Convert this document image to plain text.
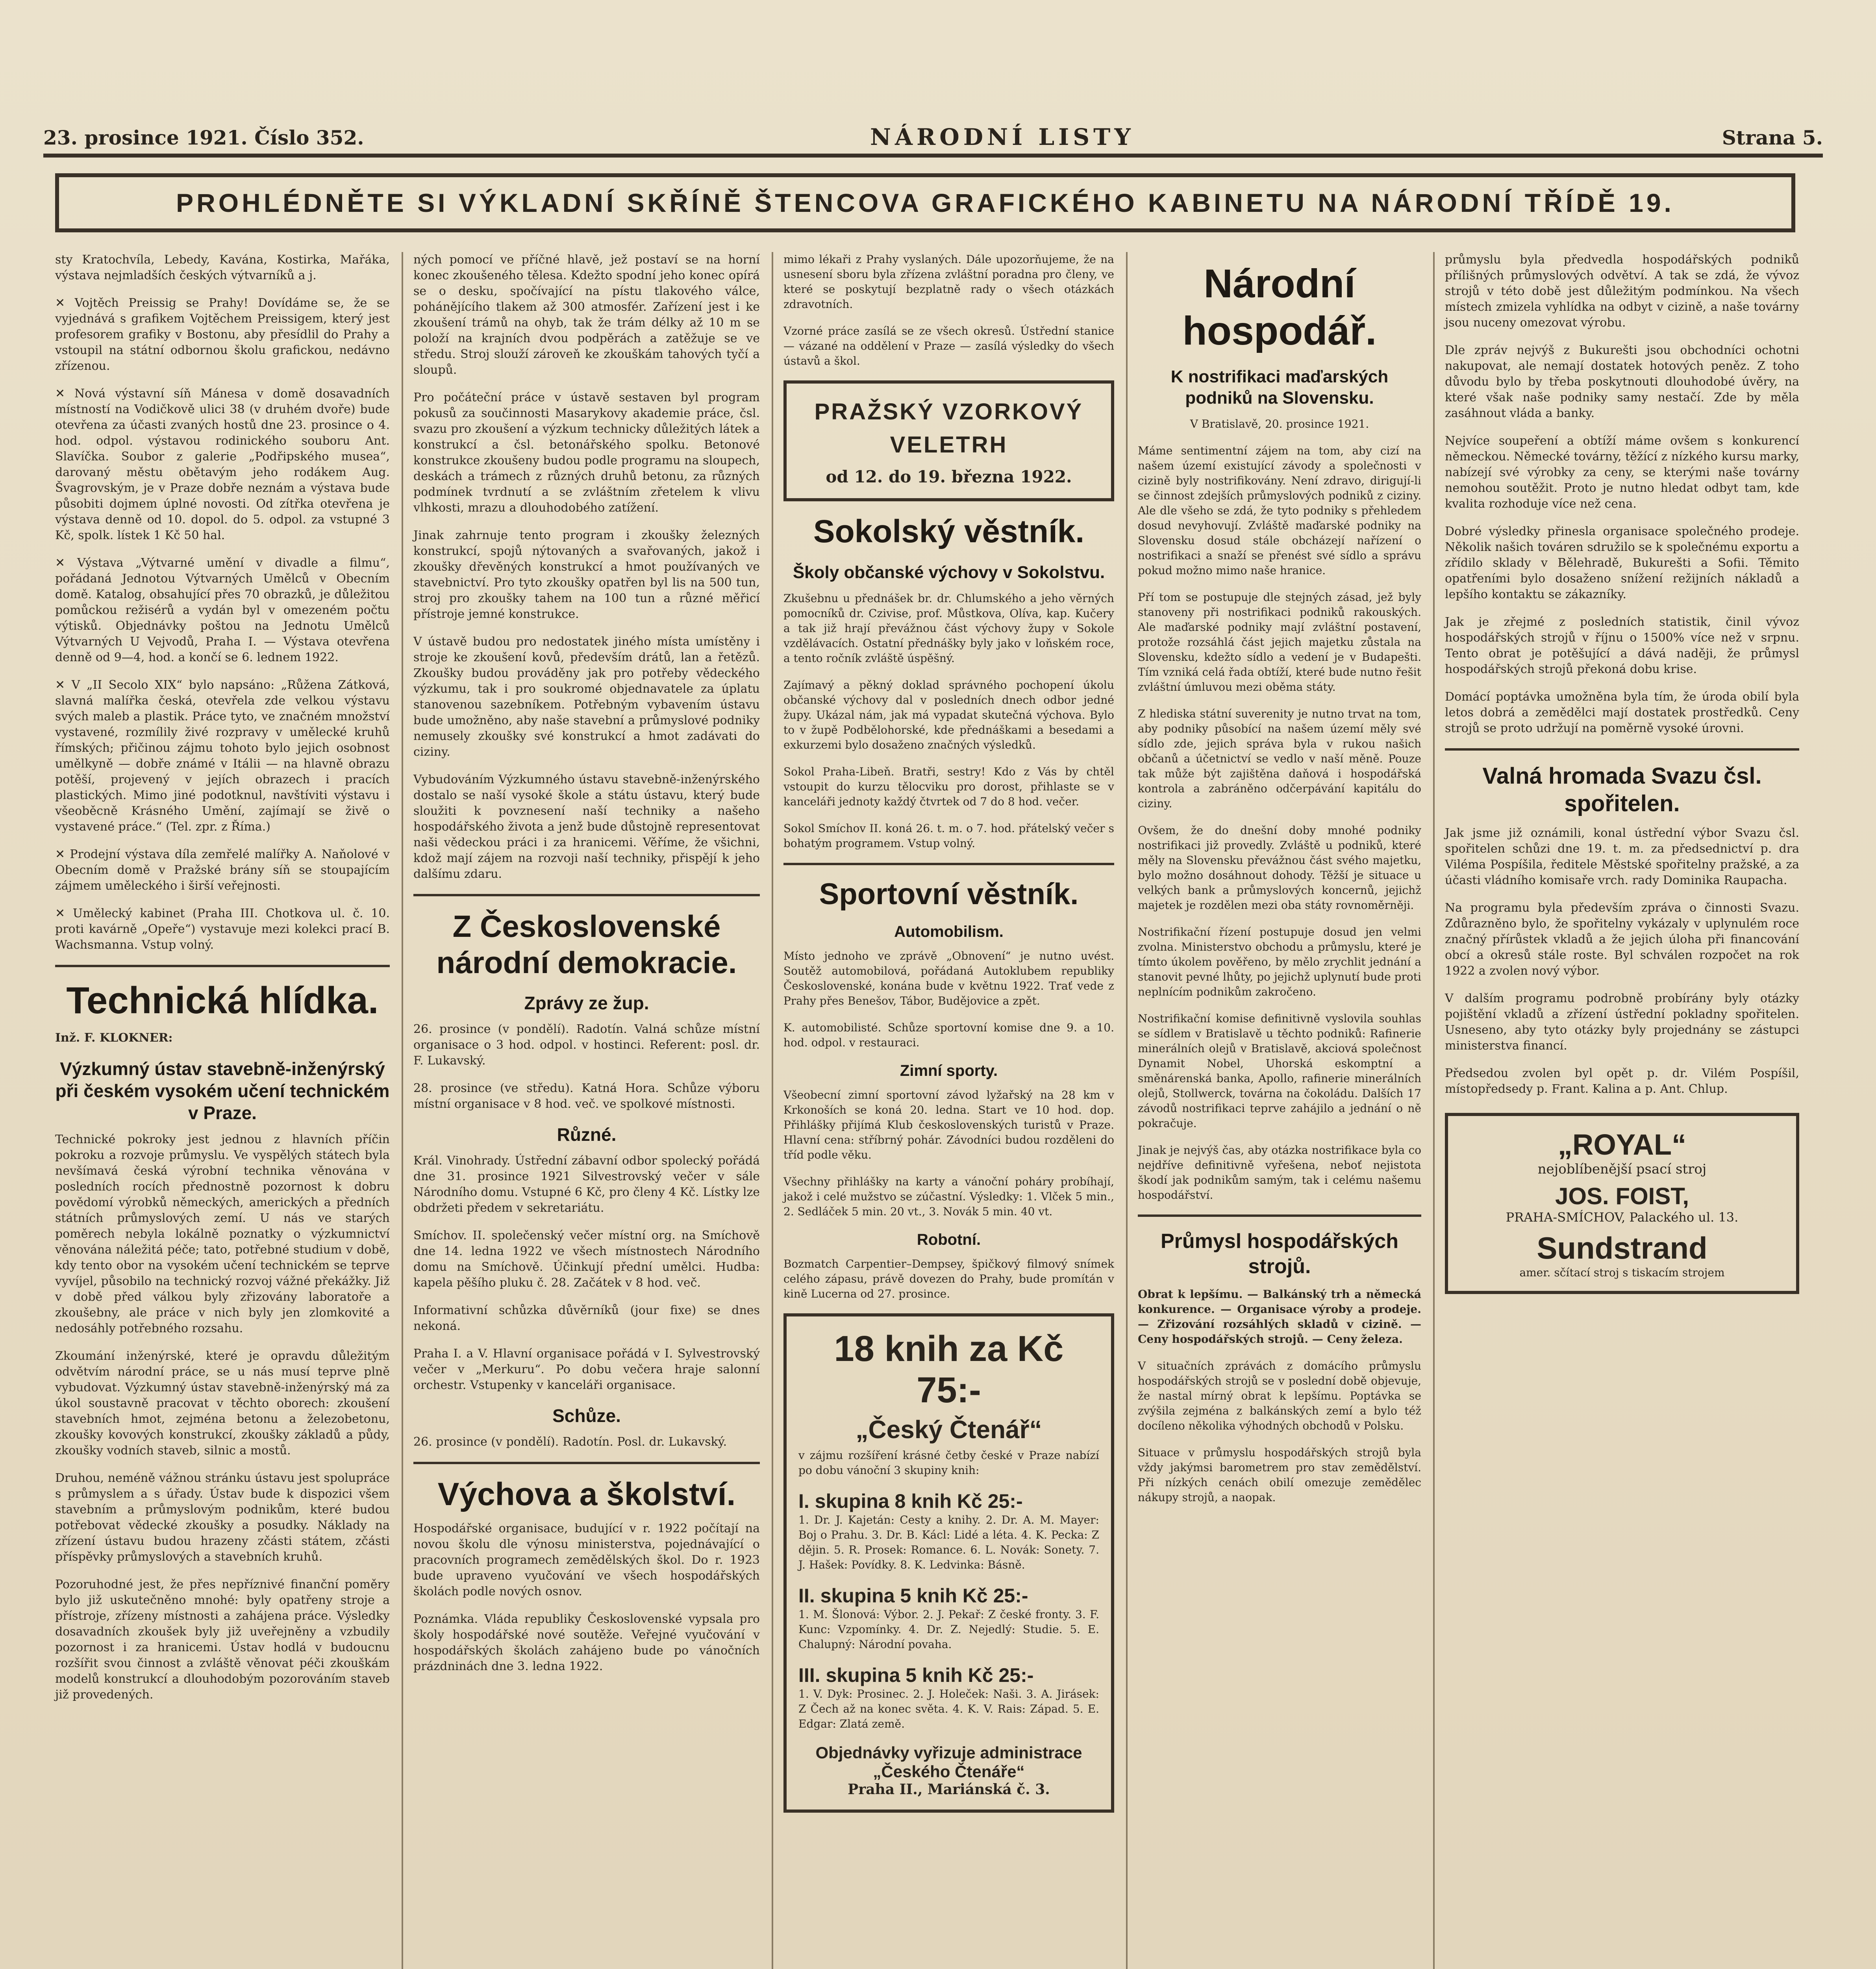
23. prosince 1921. Číslo 352.	NÁRODNÍ LISTY	Strana 5.
PROHLÉDNĚTE SI VÝKLADNÍ SKŘÍNĚ ŠTENCOVA GRAFICKÉHO KABINETU NA NÁRODNÍ TŘÍDĚ 19.

sty Kratochvíla, Lebedy, Kavána, Kostirka, Mařáka, výstava nejmladších českých výtvarníků a j.

✕ Vojtěch Preissig se Prahy! Dovídáme se, že se vyjednává s grafikem Vojtěchem Preissigem, který jest profesorem grafiky v Bostonu, aby přesídlil do Prahy a vstoupil na státní odbornou školu grafickou, nedávno zřízenou.

✕ Nová výstavní síň Mánesa v domě dosavadních místností na Vodičkově ulici 38 (v druhém dvoře) bude otevřena za účasti zvaných hostů dne 23. prosince o 4. hod. odpol. výstavou rodinického souboru Ant. Slavíčka. Soubor z galerie „Podřipského musea“, darovaný městu obětavým jeho rodákem Aug. Švagrovským, je v Praze dobře neznám a výstava bude působiti dojmem úplné novosti. Od zítřka otevřena je výstava denně od 10. dopol. do 5. odpol. za vstupné 3 Kč, spolk. lístek 1 Kč 50 hal.

✕ Výstava „Výtvarné umění v divadle a filmu“, pořádaná Jednotou Výtvarných Umělců v Obecním domě. Katalog, obsahující přes 70 obrazků, je důležitou pomůckou režisérů a vydán byl v omezeném počtu výtisků. Objednávky poštou na Jednotu Umělců Výtvarných U Vejvodů, Praha I. — Výstava otevřena denně od 9—4, hod. a končí se 6. lednem 1922.

✕ V „II Secolo XIX“ bylo napsáno: „Růžena Zátková, slavná malířka česká, otevřela zde velkou výstavu svých maleb a plastik. Práce tyto, ve značném množství vystavené, rozmílily živé rozpravy v umělecké kruhů římských; přičinou zájmu tohoto bylo jejich osobnost umělkyně — dobře známé v Itálii — na hlavně obrazu potěší, projevený v jejích obrazech i pracích plastických. Mimo jiné podotknul, navštíviti výstavu i všeoběcně Krásného Umění, zajímají se živě o vystavené práce.“ (Tel. zpr. z Říma.)

✕ Prodejní výstava díla zemřelé malířky A. Naňolové v Obecním domě v Pražské brány síň se stoupajícím zájmem uměleckého i širší veřejnosti.

✕ Umělecký kabinet (Praha III. Chotkova ul. č. 10. proti kavárně „Opeře“) vystavuje mezi kolekci prací B. Wachsmanna. Vstup volný.

Technická hlídka.

Inž. F. KLOKNER:

Výzkumný ústav stavebně-inženýrský při českém vysokém učení technickém v Praze.

Technické pokroky jest jednou z hlavních příčin pokroku a rozvoje průmyslu. Ve vyspělých státech byla nevšímavá česká výrobní technika věnována v posledních rocích přednostně pozornost k dobru povědomí výrobků německých, amerických a předních státních průmyslových zemí. U nás ve starých poměrech nebyla lokálně poznatky o výzkumnictví věnována náležitá péče; tato, potřebné studium v době, kdy tento obor na vysokém učení technickém se teprve vyvíjel, působilo na technický rozvoj vážné překážky. Již v době před válkou byly zřizovány laboratoře a zkoušebny, ale práce v nich byly jen zlomkovité a nedosáhly potřebného rozsahu.

Zkoumání inženýrské, které je opravdu důležitým odvětvím národní práce, se u nás musí teprve plně vybudovat. Výzkumný ústav stavebně-inženýrský má za úkol soustavně pracovat v těchto oborech: zkoušení stavebních hmot, zejména betonu a železobetonu, zkoušky kovových konstrukcí, zkoušky základů a půdy, zkoušky vodních staveb, silnic a mostů.

Druhou, neméně vážnou stránku ústavu jest spolupráce s průmyslem a s úřady. Ústav bude k dispozici všem stavebním a průmyslovým podnikům, které budou potřebovat vědecké zkoušky a posudky. Náklady na zřízení ústavu budou hrazeny zčásti státem, zčásti příspěvky průmyslových a stavebních kruhů.

Pozoruhodné jest, že přes nepříznivé finanční poměry bylo již uskutečněno mnohé: byly opatřeny stroje a přístroje, zřízeny místnosti a zahájena práce. Výsledky dosavadních zkoušek byly již uveřejněny a vzbudily pozornost i za hranicemi. Ústav hodlá v budoucnu rozšířit svou činnost a zvláště věnovat péči zkouškám modelů konstrukcí a dlouhodobým pozorováním staveb již provedených.

ných pomocí ve příčné hlavě, jež postaví se na horní konec zkoušeného tělesa. Kdežto spodní jeho konec opírá se o desku, spočívající na pístu tlakového válce, pohánějícího tlakem až 300 atmosfér. Zařízení jest i ke zkoušení trámů na ohyb, tak že trám délky až 10 m se položí na krajních dvou podpěrách a zatěžuje se ve středu. Stroj slouží zároveň ke zkouškám tahových tyčí a sloupů.

Pro počáteční práce v ústavě sestaven byl program pokusů za součinnosti Masarykovy akademie práce, čsl. svazu pro zkoušení a výzkum technicky důležitých látek a konstrukcí a čsl. betonářského spolku. Betonové konstrukce zkoušeny budou podle programu na sloupech, deskách a trámech z různých druhů betonu, za různých podmínek tvrdnutí a se zvláštním zřetelem k vlivu vlhkosti, mrazu a dlouhodobého zatížení.

Jinak zahrnuje tento program i zkoušky železných konstrukcí, spojů nýtovaných a svařovaných, jakož i zkoušky dřevěných konstrukcí a hmot používaných ve stavebnictví. Pro tyto zkoušky opatřen byl lis na 500 tun, stroj pro zkoušky tahem na 100 tun a různé měřicí přístroje jemné konstrukce.

V ústavě budou pro nedostatek jiného místa umístěny i stroje ke zkoušení kovů, především drátů, lan a řetězů. Zkoušky budou prováděny jak pro potřeby vědeckého výzkumu, tak i pro soukromé objednavatele za úplatu stanovenou sazebníkem. Potřebným vybavením ústavu bude umožněno, aby naše stavební a průmyslové podniky nemusely zkoušky své konstrukcí a hmot zadávati do ciziny.

Vybudováním Výzkumného ústavu stavebně-inženýrského dostalo se naší vysoké škole a státu ústavu, který bude sloužiti k povznesení naší techniky a našeho hospodářského života a jenž bude důstojně representovat naši vědeckou práci i za hranicemi. Věříme, že všichni, kdož mají zájem na rozvoji naší techniky, přispějí k jeho dalšímu zdaru.

Z Československé národní demokracie.
Zprávy ze žup.

26. prosince (v pondělí). Radotín. Valná schůze místní organisace o 3 hod. odpol. v hostinci. Referent: posl. dr. F. Lukavský.

28. prosince (ve středu). Katná Hora. Schůze výboru místní organisace v 8 hod. več. ve spolkové místnosti.

Různé.

Král. Vinohrady. Ústřední zábavní odbor spolecký pořádá dne 31. prosince 1921 Silvestrovský večer v sále Národního domu. Vstupné 6 Kč, pro členy 4 Kč. Lístky lze obdržeti předem v sekretariátu.

Smíchov. II. společenský večer místní org. na Smíchově dne 14. ledna 1922 ve všech místnostech Národního domu na Smíchově. Účinkují přední umělci. Hudba: kapela pěšího pluku č. 28. Začátek v 8 hod. več.

Informativní schůzka důvěrníků (jour fixe) se dnes nekoná.

Praha I. a V. Hlavní organisace pořádá v I. Sylvestrovský večer v „Merkuru“. Po dobu večera hraje salonní orchestr. Vstupenky v kanceláři organisace.

Schůze.

26. prosince (v pondělí). Radotín. Posl. dr. Lukavský.

Výchova a školství.

Hospodářské organisace, budující v r. 1922 počítají na novou školu dle výnosu ministerstva, pojednávající o pracovních programech zemědělských škol. Do r. 1923 bude upraveno vyučování ve všech hospodářských školách podle nových osnov.

Poznámka. Vláda republiky Československé vypsala pro školy hospodářské nové soutěže. Veřejné vyučování v hospodářských školách zahájeno bude po vánočních prázdninách dne 3. ledna 1922.

mimo lékaři z Prahy vyslaných. Dále upozorňujeme, že na usnesení sboru byla zřízena zvláštní poradna pro členy, ve které se poskytují bezplatně rady o všech otázkách zdravotních.

Vzorné práce zasílá se ze všech okresů. Ústřední stanice — vázané na oddělení v Praze — zasílá výsledky do všech ústavů a škol.

PRAŽSKÝ VZORKOVÝ VELETRH
od 12. do 19. března 1922.
Sokolský věstník.
Školy občanské výchovy v Sokolstvu.

Zkušebnu u přednášek br. dr. Chlumského a jeho věrných pomocníků dr. Czivise, prof. Můstkova, Olíva, kap. Kučery a tak již hrají převážnou část výchovy župy v Sokole vzdělávacích. Ostatní přednášky byly jako v loňském roce, a tento ročník zvláště úspěšný.

Zajímavý a pěkný doklad správného pochopení úkolu občanské výchovy dal v posledních dnech odbor jedné župy. Ukázal nám, jak má vypadat skutečná výchova. Bylo to v župě Podbělohorské, kde přednáškami a besedami a exkurzemi bylo dosaženo značných výsledků.

Sokol Praha-Libeň. Bratři, sestry! Kdo z Vás by chtěl vstoupit do kurzu tělocviku pro dorost, přihlaste se v kanceláři jednoty každý čtvrtek od 7 do 8 hod. večer.

Sokol Smíchov II. koná 26. t. m. o 7. hod. přátelský večer s bohatým programem. Vstup volný.

Sportovní věstník.
Automobilism.

Místo jednoho ve zprávě „Obnovení“ je nutno uvést. Soutěž automobilová, pořádaná Autoklubem republiky Československé, konána bude v květnu 1922. Trať vede z Prahy přes Benešov, Tábor, Budějovice a zpět.

K. automobilisté. Schůze sportovní komise dne 9. a 10. hod. odpol. v restauraci.

Zimní sporty.

Všeobecní zimní sportovní závod lyžařský na 28 km v Krkonoších se koná 20. ledna. Start ve 10 hod. dop. Přihlášky přijímá Klub československých turistů v Praze. Hlavní cena: stříbrný pohár. Závodníci budou rozděleni do tříd podle věku.

Všechny přihlášky na karty a vánoční poháry probíhají, jakož i celé mužstvo se zúčastní. Výsledky: 1. Vlček 5 min., 2. Sedláček 5 min. 20 vt., 3. Novák 5 min. 40 vt.

Robotní.

Bozmatch Carpentier–Dempsey, špičkový filmový snímek celého zápasu, právě dovezen do Prahy, bude promítán v kině Lucerna od 27. prosince.

18 knih za Kč 75:-
„Český Čtenář“

v zájmu rozšíření krásné četby české v Praze nabízí po dobu vánoční 3 skupiny knih:

I. skupina 8 knih Kč 25:-

1. Dr. J. Kajetán: Cesty a knihy. 2. Dr. A. M. Mayer: Boj o Prahu. 3. Dr. B. Kácl: Lidé a léta. 4. K. Pecka: Z dějin. 5. R. Prosek: Romance. 6. L. Novák: Sonety. 7. J. Hašek: Povídky. 8. K. Ledvinka: Básně.

II. skupina 5 knih Kč 25:-

1. M. Šlonová: Výbor. 2. J. Pekař: Z české fronty. 3. F. Kunc: Vzpomínky. 4. Dr. Z. Nejedlý: Studie. 5. E. Chalupný: Národní povaha.

III. skupina 5 knih Kč 25:-

1. V. Dyk: Prosinec. 2. J. Holeček: Naši. 3. A. Jirásek: Z Čech až na konec světa. 4. K. V. Rais: Západ. 5. E. Edgar: Zlatá země.

Objednávky vyřizuje administrace „Českého Čtenáře“
Praha II., Mariánská č. 3.
Národní hospodář.
K nostrifikaci maďarských podniků na Slovensku.

V Bratislavě, 20. prosince 1921.

Máme sentimentní zájem na tom, aby cizí na našem území existující závody a společnosti v cizině byly nostrifikovány. Není zdravo, dirigují-li se činnost zdejších průmyslových podniků z ciziny. Ale dle všeho se zdá, že tyto podniky s přehledem dosud nevyhovují. Zvláště maďarské podniky na Slovensku dosud stále obcházejí nařízení o nostrifikaci a snaží se přenést své sídlo a správu pokud možno mimo naše hranice.

Pří tom se postupuje dle stejných zásad, jež byly stanoveny při nostrifikaci podniků rakouských. Ale maďarské podniky mají zvláštní postavení, protože rozsáhlá část jejich majetku zůstala na Slovensku, kdežto sídlo a vedení je v Budapešti. Tím vzniká celá řada obtíží, které bude nutno řešit zvláštní úmluvou mezi oběma státy.

Z hlediska státní suverenity je nutno trvat na tom, aby podniky působící na našem území měly své sídlo zde, jejich správa byla v rukou našich občanů a účetnictví se vedlo v naší měně. Pouze tak může být zajištěna daňová i hospodářská kontrola a zabráněno odčerpávání kapitálu do ciziny.

Ovšem, že do dnešní doby mnohé podniky nostrifikaci již provedly. Zvláště u podniků, které měly na Slovensku převážnou část svého majetku, bylo možno dosáhnout dohody. Těžší je situace u velkých bank a průmyslových koncernů, jejichž majetek je rozdělen mezi oba státy rovnoměrněji.

Nostrifikační řízení postupuje dosud jen velmi zvolna. Ministerstvo obchodu a průmyslu, které je tímto úkolem pověřeno, by mělo zrychlit jednání a stanovit pevné lhůty, po jejichž uplynutí bude proti neplnícím podnikům zakročeno.

Nostrifikační komise definitivně vyslovila souhlas se sídlem v Bratislavě u těchto podniků: Rafinerie minerálních olejů v Bratislavě, akciová společnost Dynamit Nobel, Uhorská eskomptní a směnárenská banka, Apollo, rafinerie minerálních olejů, Stollwerck, továrna na čokoládu. Dalších 17 závodů nostrifikaci teprve zahájilo a jednání o ně pokračuje.

Jinak je nejvýš čas, aby otázka nostrifikace byla co nejdříve definitivně vyřešena, neboť nejistota škodí jak podnikům samým, tak i celému našemu hospodářství.

Průmysl hospodářských strojů.

Obrat k lepšímu. — Balkánský trh a německá konkurence. — Organisace výroby a prodeje. — Zřizování rozsáhlých skladů v cizině. — Ceny hospodářských strojů. — Ceny železa.

V situačních zprávách z domácího průmyslu hospodářských strojů se v poslední době objevuje, že nastal mírný obrat k lepšímu. Poptávka se zvýšila zejména z balkánských zemí a bylo též docíleno několika výhodných obchodů v Polsku.

Situace v průmyslu hospodářských strojů byla vždy jakýmsi barometrem pro stav zemědělství. Při nízkých cenách obilí omezuje zemědělec nákupy strojů, a naopak.

průmyslu byla předvedla hospodářských podniků přílišných průmyslových odvětví. A tak se zdá, že vývoz strojů v této době jest důležitým podmínkou. Na všech místech zmizela vyhlídka na odbyt v cizině, a naše továrny jsou nuceny omezovat výrobu.

Dle zpráv nejvýš z Bukurešti jsou obchodníci ochotni nakupovat, ale nemají dostatek hotových peněz. Z toho důvodu bylo by třeba poskytnouti dlouhodobé úvěry, na které však naše podniky samy nestačí. Zde by měla zasáhnout vláda a banky.

Nejvíce soupeření a obtíží máme ovšem s konkurencí německou. Německé továrny, těžící z nízkého kursu marky, nabízejí své výrobky za ceny, se kterými naše továrny nemohou soutěžit. Proto je nutno hledat odbyt tam, kde kvalita rozhoduje více než cena.

Dobré výsledky přinesla organisace společného prodeje. Několik našich továren sdružilo se k společnému exportu a zřídilo sklady v Bělehradě, Bukurešti a Sofii. Těmito opatřeními bylo dosaženo snížení režijních nákladů a lepšího kontaktu se zákazníky.

Jak je zřejmé z posledních statistik, činil vývoz hospodářských strojů v říjnu o 1500% více než v srpnu. Tento obrat je potěšující a dává naději, že průmysl hospodářských strojů překoná dobu krise.

Domácí poptávka umožněna byla tím, že úroda obilí byla letos dobrá a zemědělci mají dostatek prostředků. Ceny strojů se proto udržují na poměrně vysoké úrovni.

Valná hromada Svazu čsl. spořitelen.

Jak jsme již oznámili, konal ústřední výbor Svazu čsl. spořitelen schůzi dne 19. t. m. za předsednictví p. dra Viléma Pospíšila, ředitele Městské spořitelny pražské, a za účasti vládního komisaře vrch. rady Dominika Raupacha.

Na programu byla především zpráva o činnosti Svazu. Zdůrazněno bylo, že spořitelny vykázaly v uplynulém roce značný přírůstek vkladů a že jejich úloha při financování obcí a okresů stále roste. Byl schválen rozpočet na rok 1922 a zvolen nový výbor.

V dalším programu podrobně probírány byly otázky pojištění vkladů a zřízení ústřední pokladny spořitelen. Usneseno, aby tyto otázky byly projednány se zástupci ministerstva financí.

Předsedou zvolen byl opět p. dr. Vilém Pospíšil, místopředsedy p. Frant. Kalina a p. Ant. Chlup.

„ROYAL“
nejoblíbenější psací stroj
JOS. FOIST,
PRAHA-SMÍCHOV, Palackého ul. 13.
Sundstrand
amer. sčítací stroj s tiskacím strojem
